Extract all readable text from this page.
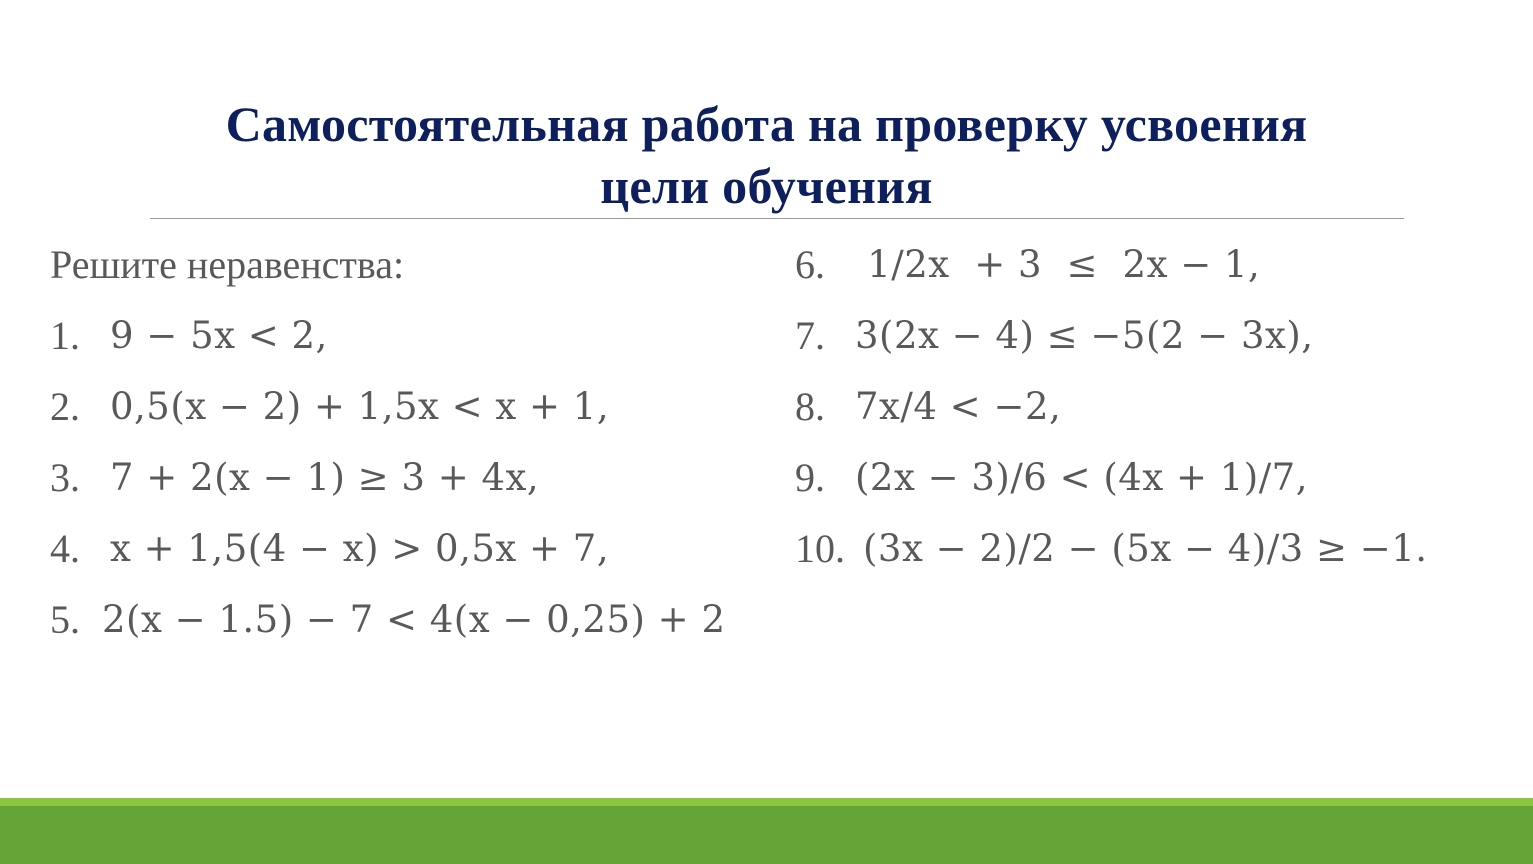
Самостоятельная работа на проверку усвоения
цели обучения
Решите неравенства:
1. 9 − 5x < 2,
2. 0,5(x − 2) + 1,5x < x + 1,
3. 7 + 2(x − 1) ≥ 3 + 4x,
4. x + 1,5(4 − x) > 0,5x + 7,
5. 2(x − 1.5) − 7 < 4(x − 0,25) + 2
6. 1/2x  + 3  ≤  2x − 1,
7. 3(2x − 4) ≤ −5(2 − 3x),
8. 7x/4 < −2,
9. (2x − 3)/6 < (4x + 1)/7,
10. (3x − 2)/2 − (5x − 4)/3 ≥ −1.
